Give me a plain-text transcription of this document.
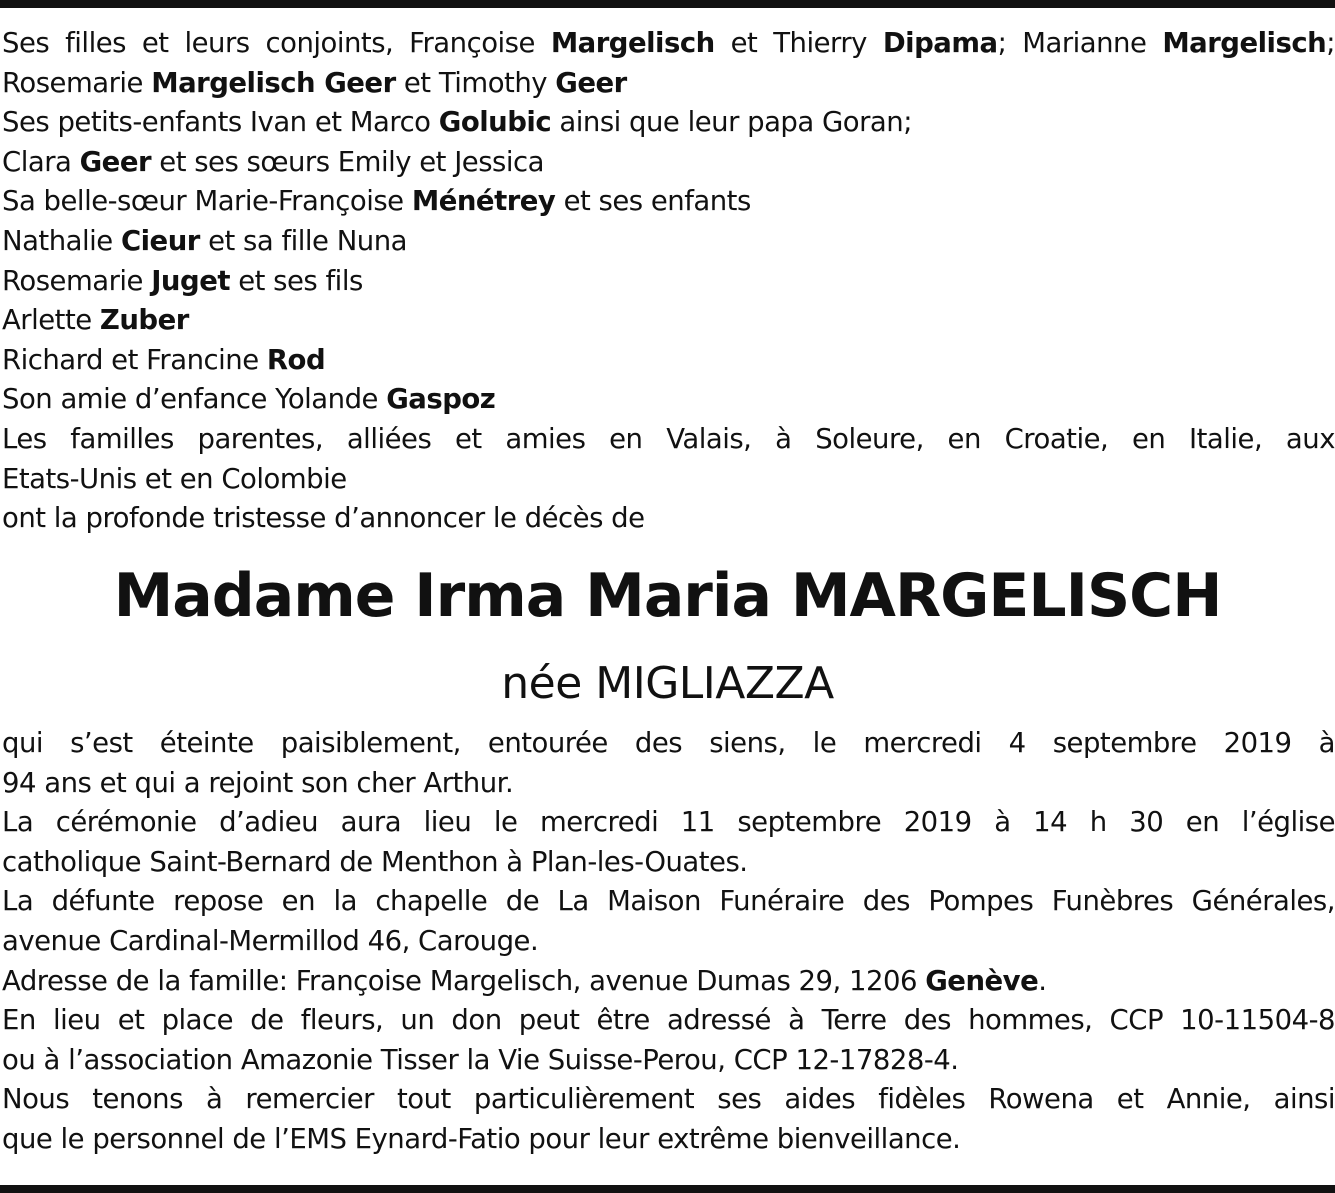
Ses filles et leurs conjoints, Françoise Margelisch et Thierry Dipama; Marianne Margelisch;
Rosemarie Margelisch Geer et Timothy Geer
Ses petits-enfants Ivan et Marco Golubic ainsi que leur papa Goran;
Clara Geer et ses sœurs Emily et Jessica
Sa belle-sœur Marie-Françoise Ménétrey et ses enfants
Nathalie Cieur et sa fille Nuna
Rosemarie Juget et ses fils
Arlette Zuber
Richard et Francine Rod
Son amie d’enfance Yolande Gaspoz
Les familles parentes, alliées et amies en Valais, à Soleure, en Croatie, en Italie, aux
Etats-Unis et en Colombie
ont la profonde tristesse d’annoncer le décès de
Madame Irma Maria MARGELISCH
née MIGLIAZZA
qui s’est éteinte paisiblement, entourée des siens, le mercredi 4 septembre 2019 à
94 ans et qui a rejoint son cher Arthur.
La cérémonie d’adieu aura lieu le mercredi 11 septembre 2019 à 14 h 30 en l’église
catholique Saint-Bernard de Menthon à Plan-les-Ouates.
La défunte repose en la chapelle de La Maison Funéraire des Pompes Funèbres Générales,
avenue Cardinal-Mermillod 46, Carouge.
Adresse de la famille: Françoise Margelisch, avenue Dumas 29, 1206 Genève.
En lieu et place de fleurs, un don peut être adressé à Terre des hommes, CCP 10-11504-8
ou à l’association Amazonie Tisser la Vie Suisse-Perou, CCP 12-17828-4.
Nous tenons à remercier tout particulièrement ses aides fidèles Rowena et Annie, ainsi
que le personnel de l’EMS Eynard-Fatio pour leur extrême bienveillance.
